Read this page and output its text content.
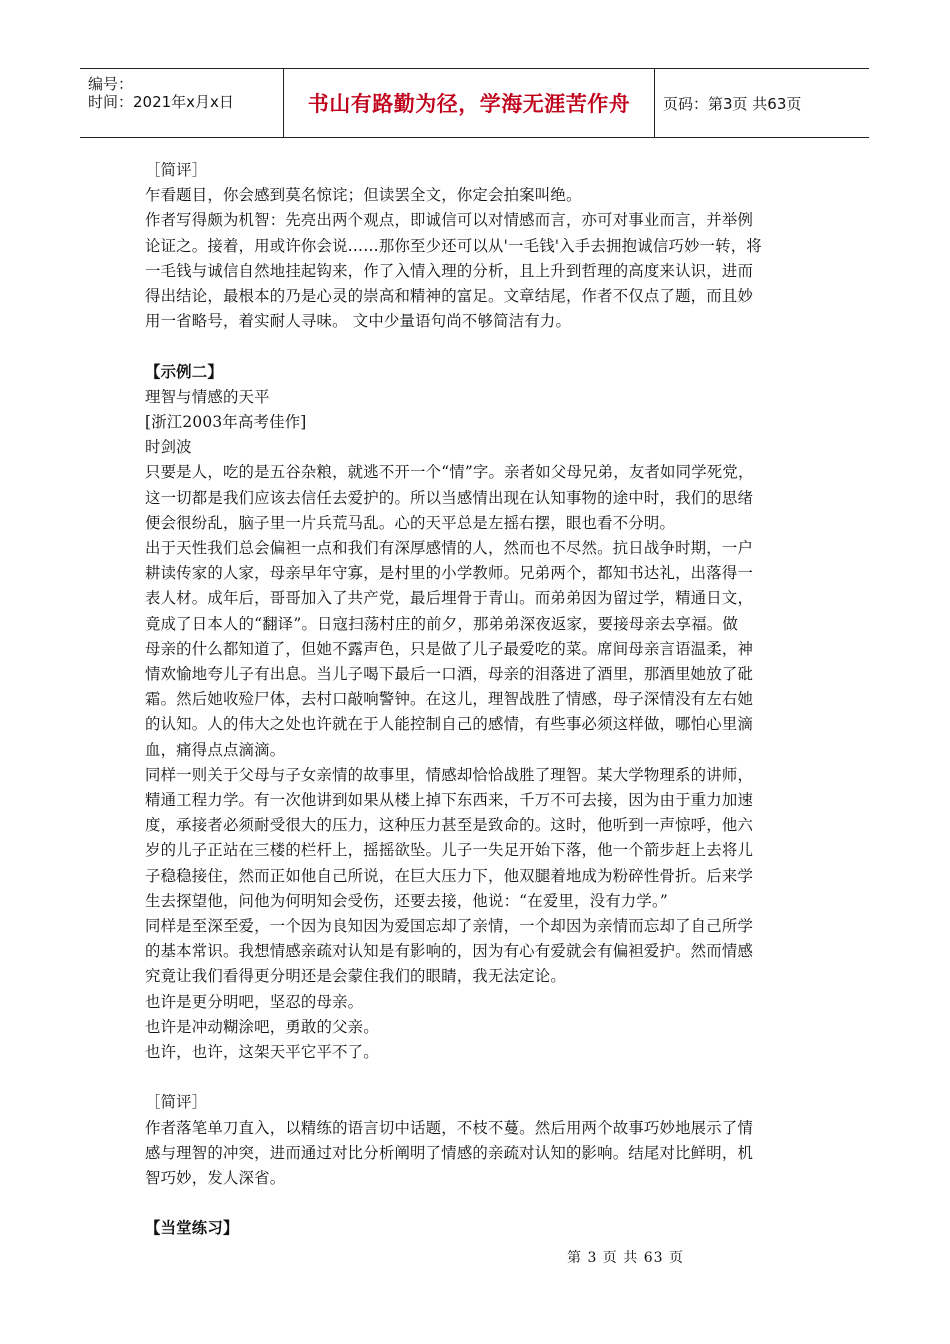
编号：
时间：2021年x月x日	书山有路勤为径，学海无涯苦作舟	页码：第3页 共63页
［简评］
乍看题目，你会感到莫名惊诧；但读罢全文，你定会拍案叫绝。
作者写得颇为机智：先亮出两个观点，即诚信可以对情感而言，亦可对事业而言，并举例
论证之。接着，用或许你会说……那你至少还可以从'一毛钱'入手去拥抱诚信巧妙一转，将
一毛钱与诚信自然地挂起钩来，作了入情入理的分析，且上升到哲理的高度来认识，进而
得出结论，最根本的乃是心灵的崇高和精神的富足。文章结尾，作者不仅点了题，而且妙
用一省略号，着实耐人寻味。 文中少量语句尚不够简洁有力。
【示例二】
理智与情感的天平
[浙江2003年高考佳作]
时剑波
只要是人，吃的是五谷杂粮，就逃不开一个“情”字。亲者如父母兄弟，友者如同学死党，
这一切都是我们应该去信任去爱护的。所以当感情出现在认知事物的途中时，我们的思绪
便会很纷乱，脑子里一片兵荒马乱。心的天平总是左摇右摆，眼也看不分明。
出于天性我们总会偏袒一点和我们有深厚感情的人，然而也不尽然。抗日战争时期，一户
耕读传家的人家，母亲早年守寡，是村里的小学教师。兄弟两个，都知书达礼，出落得一
表人材。成年后，哥哥加入了共产党，最后埋骨于青山。而弟弟因为留过学，精通日文，
竟成了日本人的“翻译”。日寇扫荡村庄的前夕，那弟弟深夜返家，要接母亲去享福。做
母亲的什么都知道了，但她不露声色，只是做了儿子最爱吃的菜。席间母亲言语温柔，神
情欢愉地夸儿子有出息。当儿子喝下最后一口酒，母亲的泪落进了酒里，那酒里她放了砒
霜。然后她收殓尸体，去村口敲响警钟。在这儿，理智战胜了情感，母子深情没有左右她
的认知。人的伟大之处也许就在于人能控制自己的感情，有些事必须这样做，哪怕心里滴
血，痛得点点滴滴。
同样一则关于父母与子女亲情的故事里，情感却恰恰战胜了理智。某大学物理系的讲师，
精通工程力学。有一次他讲到如果从楼上掉下东西来，千万不可去接，因为由于重力加速
度，承接者必须耐受很大的压力，这种压力甚至是致命的。这时，他听到一声惊呼，他六
岁的儿子正站在三楼的栏杆上，摇摇欲坠。儿子一失足开始下落，他一个箭步赶上去将儿
子稳稳接住，然而正如他自己所说，在巨大压力下，他双腿着地成为粉碎性骨折。后来学
生去探望他，问他为何明知会受伤，还要去接，他说：“在爱里，没有力学。”
同样是至深至爱，一个因为良知因为爱国忘却了亲情，一个却因为亲情而忘却了自己所学
的基本常识。我想情感亲疏对认知是有影响的，因为有心有爱就会有偏袒爱护。然而情感
究竟让我们看得更分明还是会蒙住我们的眼睛，我无法定论。
也许是更分明吧，坚忍的母亲。
也许是冲动糊涂吧，勇敢的父亲。
也许，也许，这架天平它平不了。
［简评］
作者落笔单刀直入，以精练的语言切中话题，不枝不蔓。然后用两个故事巧妙地展示了情
感与理智的冲突，进而通过对比分析阐明了情感的亲疏对认知的影响。结尾对比鲜明，机
智巧妙，发人深省。
【当堂练习】
第 3 页 共 63 页
